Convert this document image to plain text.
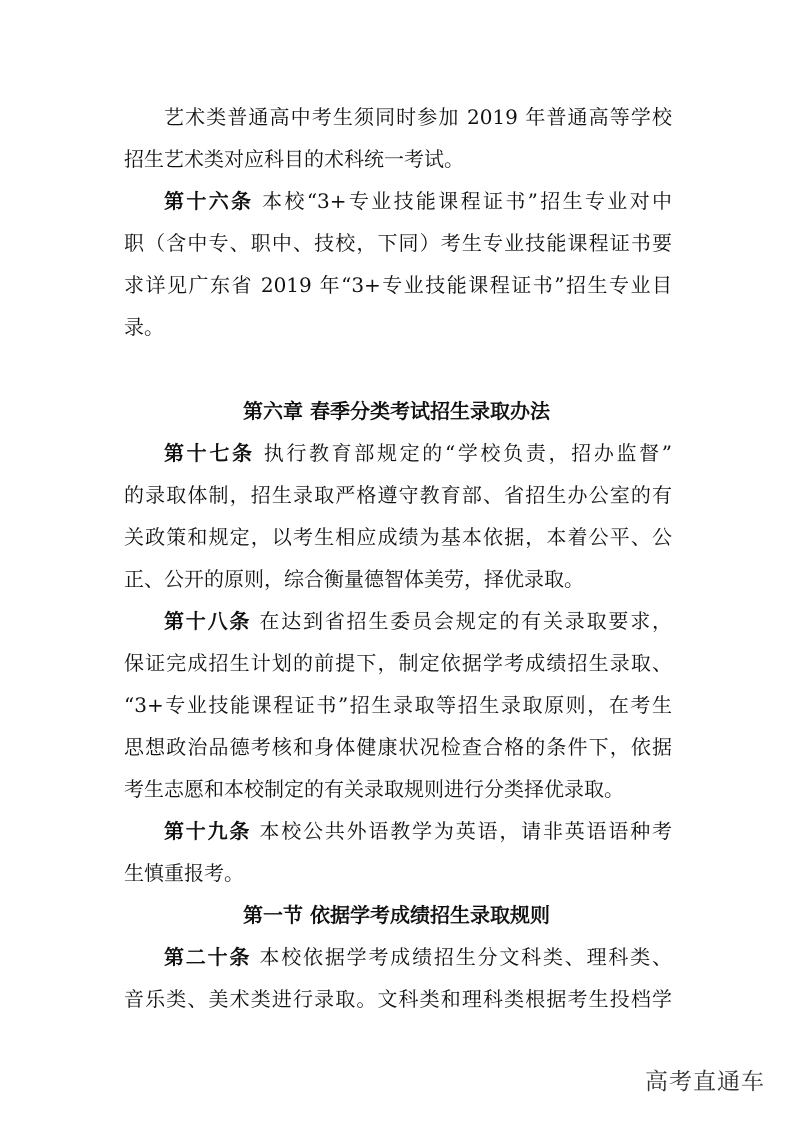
艺术类普通高中考生须同时参加 2019 年普通高等学校
招生艺术类对应科目的术科统一考试。
第十六条 本校“3+专业技能课程证书”招生专业对中
职（含中专、职中、技校，下同）考生专业技能课程证书要
求详见广东省 2019 年“3+专业技能课程证书”招生专业目
录。
第六章 春季分类考试招生录取办法
第十七条 执行教育部规定的“学校负责，招办监督”
的录取体制，招生录取严格遵守教育部、省招生办公室的有
关政策和规定，以考生相应成绩为基本依据，本着公平、公
正、公开的原则，综合衡量德智体美劳，择优录取。
第十八条 在达到省招生委员会规定的有关录取要求，
保证完成招生计划的前提下，制定依据学考成绩招生录取、
“3+专业技能课程证书”招生录取等招生录取原则，在考生
思想政治品德考核和身体健康状况检查合格的条件下，依据
考生志愿和本校制定的有关录取规则进行分类择优录取。
第十九条 本校公共外语教学为英语，请非英语语种考
生慎重报考。
第一节 依据学考成绩招生录取规则
第二十条 本校依据学考成绩招生分文科类、理科类、
音乐类、美术类进行录取。文科类和理科类根据考生投档学
高考直通车
